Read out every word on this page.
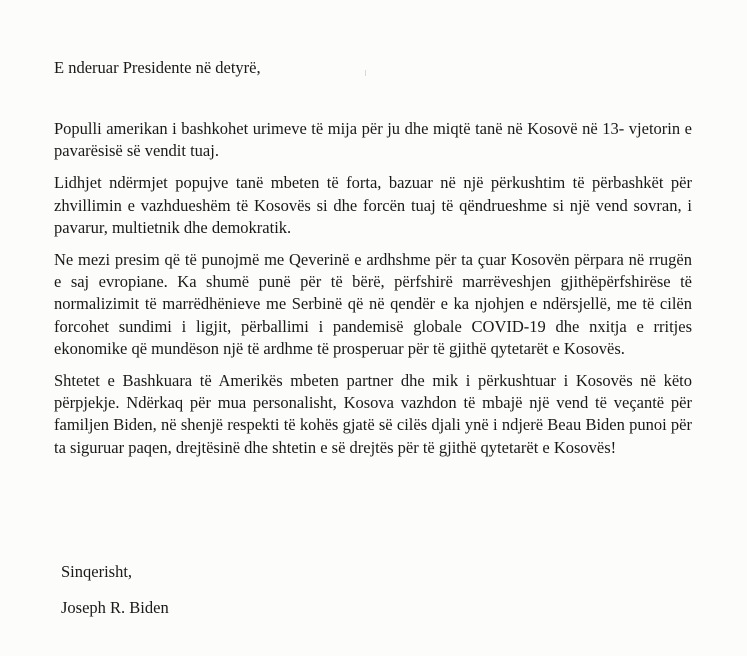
E nderuar Presidente në detyrë,

Populli amerikan i bashkohet urimeve të mija për ju dhe miqtë tanë në Kosovë në 13- vjetorin e pavarësisë së vendit tuaj.

Lidhjet ndërmjet popujve tanë mbeten të forta, bazuar në një përkushtim të përbashkët për zhvillimin e vazhdueshëm të Kosovës si dhe forcën tuaj të qëndrueshme si një vend sovran, i pavarur, multietnik dhe demokratik.

Ne mezi presim që të punojmë me Qeverinë e ardhshme për ta çuar Kosovën përpara në rrugën e saj evropiane. Ka shumë punë për të bërë, përfshirë marrëveshjen gjithëpërfshirëse të normalizimit të marrëdhënieve me Serbinë që në qendër e ka njohjen e ndërsjellë, me të cilën forcohet sundimi i ligjit, përballimi i pandemisë globale COVID-19 dhe nxitja e rritjes ekonomike që mundëson një të ardhme të prosperuar për të gjithë qytetarët e Kosovës.

Shtetet e Bashkuara të Amerikës mbeten partner dhe mik i përkushtuar i Kosovës në këto përpjekje. Ndërkaq për mua personalisht, Kosova vazhdon të mbajë një vend të veçantë për familjen Biden, në shenjë respekti të kohës gjatë së cilës djali ynë i ndjerë Beau Biden punoi për ta siguruar paqen, drejtësinë dhe shtetin e së drejtës për të gjithë qytetarët e Kosovës!

Sinqerisht,
Joseph R. Biden
